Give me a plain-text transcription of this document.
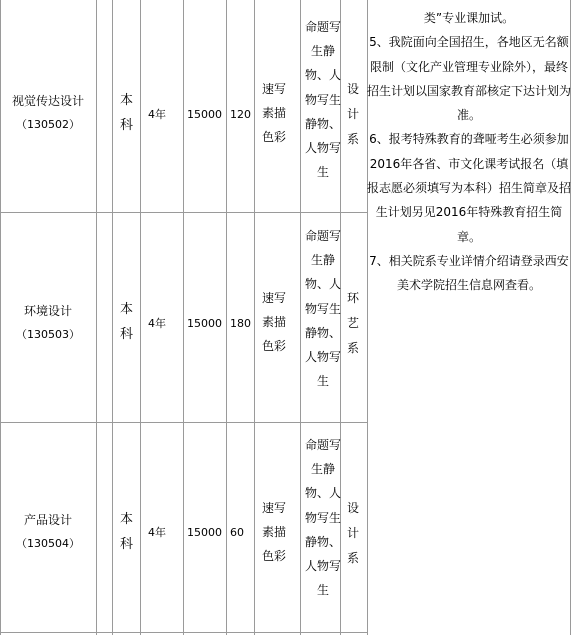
视觉传达设计
（130502）
本科
4年 15000 120
速写素描色彩
命题写生静物、人物写生静物、人物写生
设计系
环境设计
（130503）
本科
4年 15000 180
速写素描色彩
命题写生静物、人物写生静物、人物写生
环艺系
产品设计
（130504）
本科
4年 15000 60
速写素描色彩
命题写生静物、人物写生静物、人物写生
设计系

类”专业课加试。

5、我院面向全国招生，各地区无名额限制（文化产业管理专业除外），最终招生计划以国家教育部核定下达计划为准。

6、报考特殊教育的聋哑考生必须参加2016年各省、市文化课考试报名（填报志愿必须填写为本科）招生简章及招生计划另见2016年特殊教育招生简章。

7、相关院系专业详情介绍请登录西安美术学院招生信息网查看。
